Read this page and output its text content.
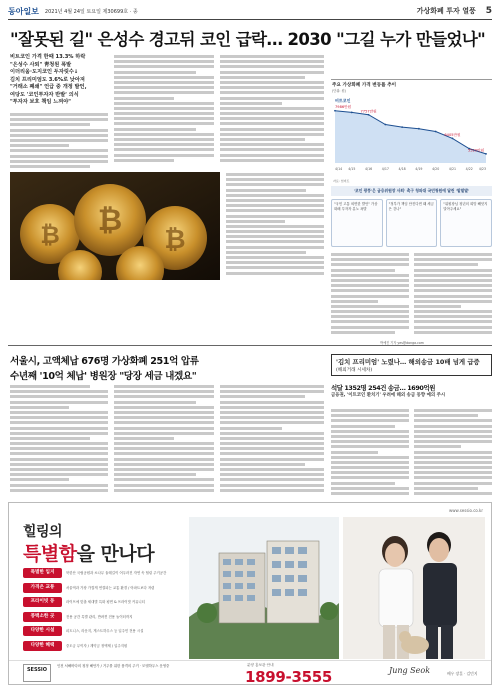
동아일보 2021년 4월 24일 토요일 제30699호 · 종	가상화폐 투자 열풍 5
"잘못된 길" 은성수 경고뒤 코인 급락… 2030 "그길 누가 만들었나"
비트코인 가격 한때 13.3% 하락
"은성수 사퇴" 靑청원 폭발
이더리움·도지코인 두자릿수↓
김치 프리미엄도 3.6%로 낮아져
"거래소 폐쇄" 언급 중 개정 발언,
여당도 '코인투자자 반발' 의식
"투자자 보호 책임 느껴야"
₿
₿
₿
주요 가상화폐 가격 변동률 추이
(단위: 원)
비트코인
7986만원
7757만원
6405만원
5520만원
4/14 4/15	4/16	4/17	4/18	4/19	4/20	4/21	4/22 4/23
자료: 업비트
'코인 광풍'은 금융위원장 사퇴' 촉구 청와대 국민청원에 달린 '말말말'
"국민 고통 외면한 발언" 가상화폐 투자자 분노 폭발
"정부가 책임 안진다면 왜 세금은 걷나"
"위원장님 청년의 희망 빼앗지 말아주세요"
박예진 기자 yes@donga.com
서울시, 고액체납 676명 가상화폐 251억 압류
수년째 '10억 체납' 병원장 "당장 세금 내겠요"
'김치 프리미엄' 노렸나… 해외송금 10배 넘게 급증
(해외거래 시세차)
석달 1352명 254건 송금… 1690억원
금융권, '이트코인 환치기' 우려에 해외 송금 동향 예의 주시
www.sessio.co.kr
힐링의
특별함을 만나다
특별한 입지	북한산 국립공원과 소나무 둘레길이 어우러진 자연 속 힐링 주거공간
가격은 교통	서울역과 가장 가깝게 연결되는 교통 환경 / 아파트보다 저렴
프라이빗 동	라이프에 맞춘 세대별 특화 평면 & 프라이빗 커뮤니티
풍백소한 곳	전용 공간 특별 관리, 반려견 전용 놀이터까지
다양한 시설	피트니스, 라운지, 게스트하우스 등 입주민 전용 시설
다양한 혜택	중도금 무이자 / 계약금 정액제 / 입주지원
SESSIO
인천 서해바다의 청정 해안가 / 거주를 위한 품격의 주거 · 모델하우스 운영중	분양 홍보관 안내
1899-3555	Jung Seok	배우 장훈 · 김민지
